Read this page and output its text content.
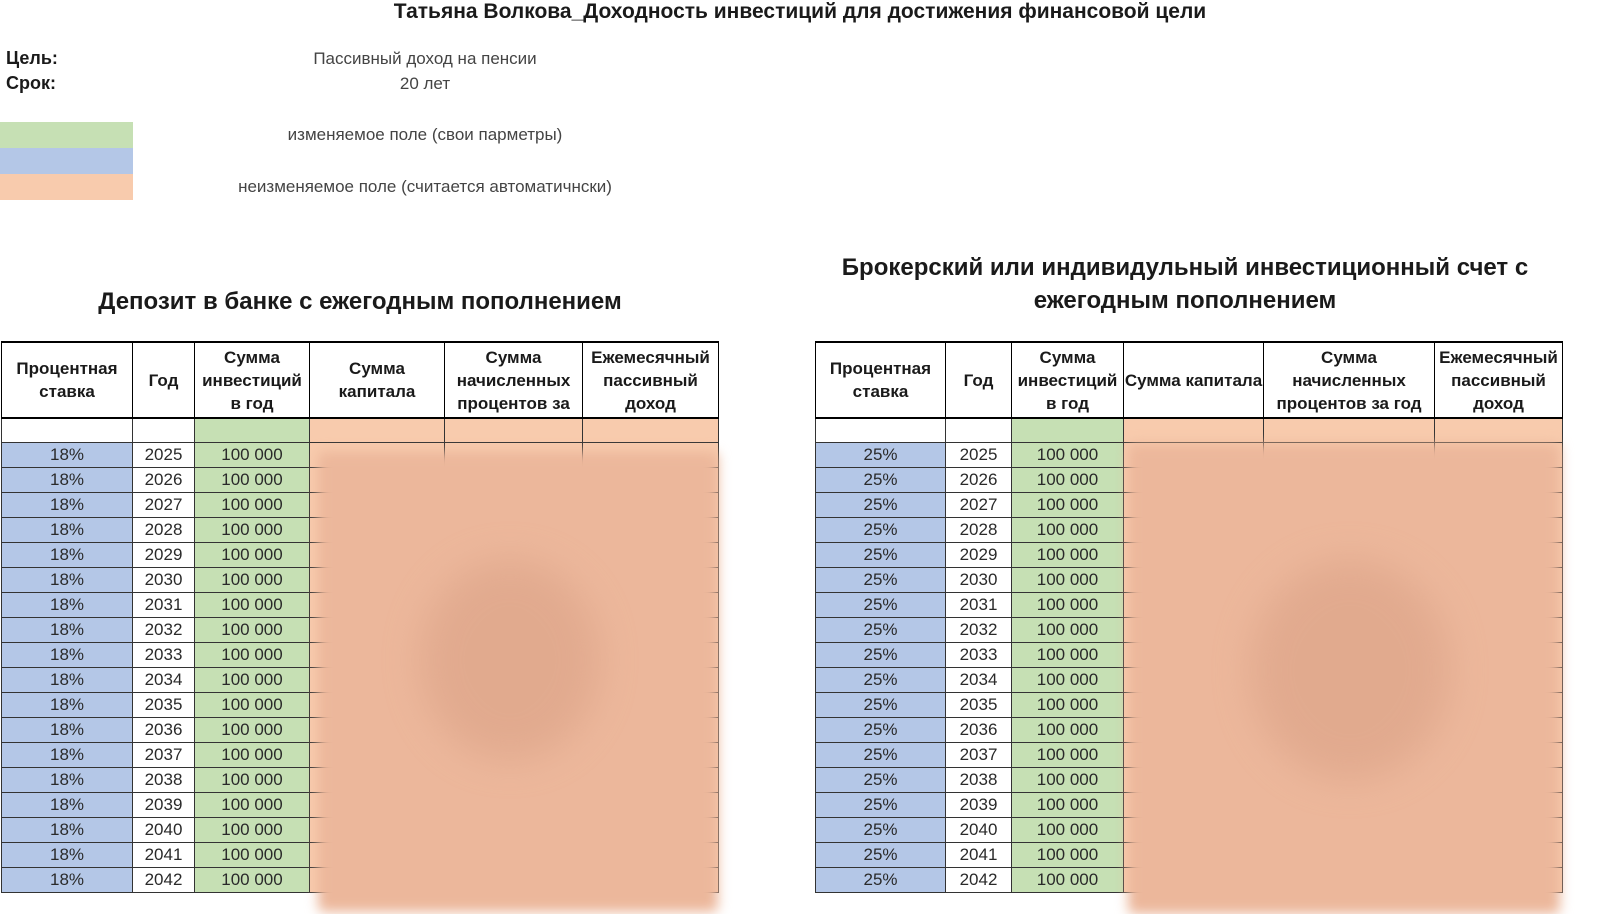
Татьяна Волкова_Доходность инвестиций для достижения финансовой цели
Цель:	Пассивный доход на пенсии
Срок:	20 лет
изменяемое поле (свои парметры)
неизменяемое поле (считается автоматичнски)
Депозит в банке с ежегодным пополнением
Брокерский или индивидульный инвестиционный счет с
ежегодным пополнением
Процентная ставка	Год	Сумма инвестиций в год	Сумма капитала	Сумма начисленных процентов за	Ежемесячный пассивный доход

18%	2025	100 000			
18%	2026	100 000			
18%	2027	100 000			
18%	2028	100 000			
18%	2029	100 000			
18%	2030	100 000			
18%	2031	100 000			
18%	2032	100 000			
18%	2033	100 000			
18%	2034	100 000			
18%	2035	100 000			
18%	2036	100 000			
18%	2037	100 000			
18%	2038	100 000			
18%	2039	100 000			
18%	2040	100 000			
18%	2041	100 000			
18%	2042	100 000			
Процентная ставка	Год	Сумма инвестиций в год	Сумма капитала	Сумма начисленных процентов за год	Ежемесячный пассивный доход

25%	2025	100 000			
25%	2026	100 000			
25%	2027	100 000			
25%	2028	100 000			
25%	2029	100 000			
25%	2030	100 000			
25%	2031	100 000			
25%	2032	100 000			
25%	2033	100 000			
25%	2034	100 000			
25%	2035	100 000			
25%	2036	100 000			
25%	2037	100 000			
25%	2038	100 000			
25%	2039	100 000			
25%	2040	100 000			
25%	2041	100 000			
25%	2042	100 000			
